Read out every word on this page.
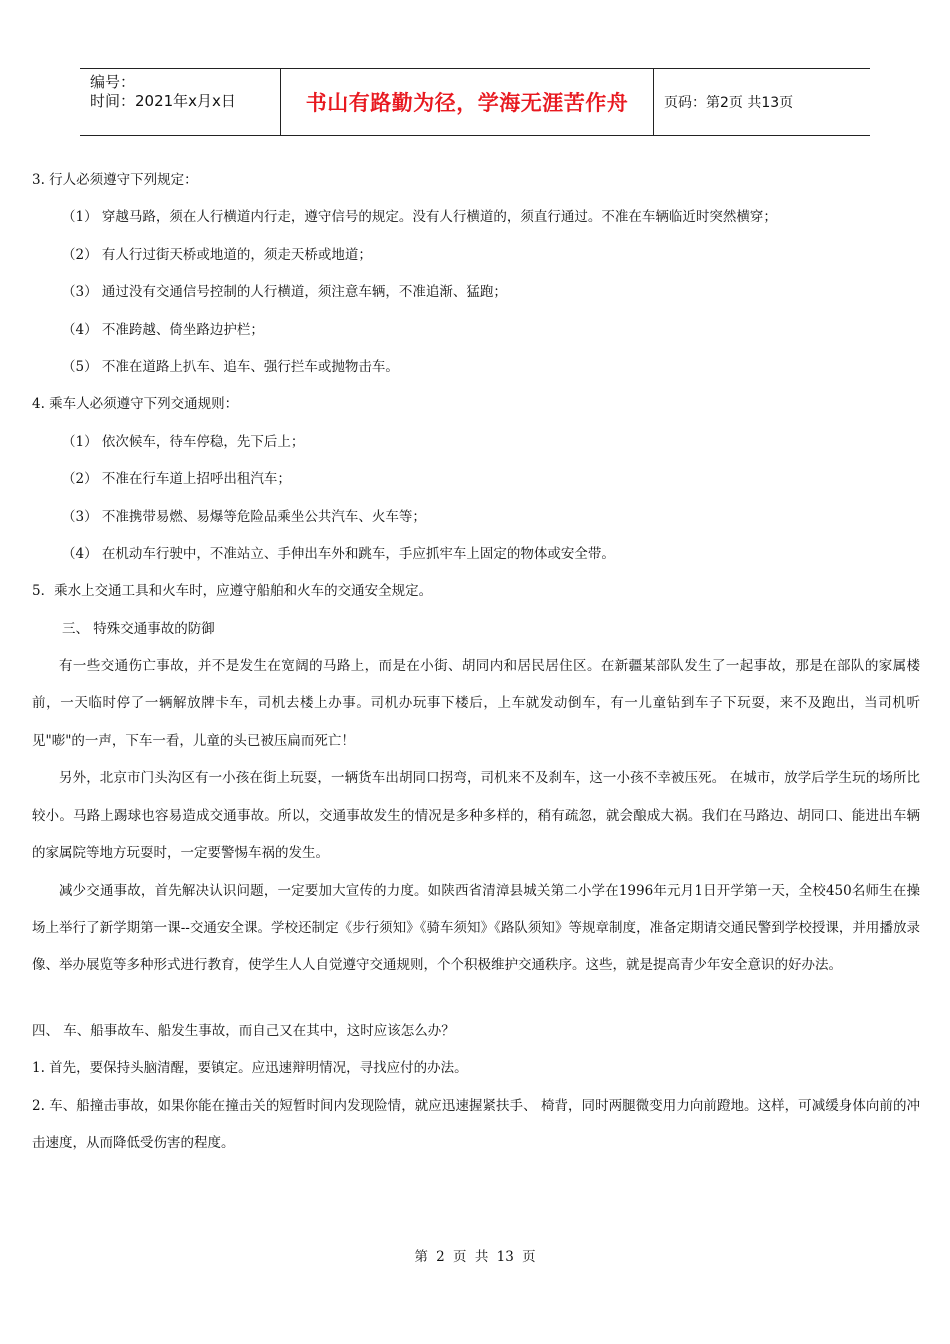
编号：
时间：2021年x月x日	书山有路勤为径，学海无涯苦作舟	页码：第2页 共13页
3. 行人必须遵守下列规定：
（1） 穿越马路，须在人行横道内行走，遵守信号的规定。没有人行横道的，须直行通过。不准在车辆临近时突然横穿；
（2） 有人行过街天桥或地道的，须走天桥或地道；
（3） 通过没有交通信号控制的人行横道，须注意车辆，不准追渐、猛跑；
（4） 不准跨越、倚坐路边护栏；
（5） 不准在道路上扒车、追车、强行拦车或抛物击车。
4. 乘车人必须遵守下列交通规则：
（1） 依次候车，待车停稳，先下后上；
（2） 不准在行车道上招呼出租汽车；
（3） 不准携带易燃、易爆等危险品乘坐公共汽车、火车等；
（4） 在机动车行驶中，不准站立、手伸出车外和跳车，手应抓牢车上固定的物体或安全带。
5．乘水上交通工具和火车时，应遵守船舶和火车的交通安全规定。
三、 特殊交通事故的防御
有一些交通伤亡事故，并不是发生在宽阔的马路上，而是在小街、胡同内和居民居住区。在新疆某部队发生了一起事故，那是在部队的家属楼前，一天临时停了一辆解放牌卡车，司机去楼上办事。司机办玩事下楼后，上车就发动倒车，有一儿童钻到车子下玩耍，来不及跑出，当司机听见"嘭"的一声，下车一看，儿童的头已被压扁而死亡！
另外，北京市门头沟区有一小孩在街上玩耍，一辆货车出胡同口拐弯，司机来不及刹车，这一小孩不幸被压死。 在城市，放学后学生玩的场所比较小。马路上踢球也容易造成交通事故。所以，交通事故发生的情况是多种多样的，稍有疏忽，就会酿成大祸。我们在马路边、胡同口、能进出车辆的家属院等地方玩耍时，一定要警惕车祸的发生。
减少交通事故，首先解决认识问题，一定要加大宣传的力度。如陕西省清漳县城关第二小学在1996年元月1日开学第一天，全校450名师生在操场上举行了新学期第一课--交通安全课。学校还制定《步行须知》《骑车须知》《路队须知》等规章制度，准备定期请交通民警到学校授课，并用播放录像、举办展览等多种形式进行教育，使学生人人自觉遵守交通规则，个个积极维护交通秩序。这些，就是提高青少年安全意识的好办法。
四、 车、船事故车、船发生事故，而自己又在其中，这时应该怎么办？
1. 首先，要保持头脑清醒，要镇定。应迅速辩明情况，寻找应付的办法。
2. 车、船撞击事故，如果你能在撞击关的短暂时间内发现险情，就应迅速握紧扶手、 椅背，同时两腿微变用力向前蹬地。这样，可减缓身体向前的冲击速度，从而降低受伤害的程度。
第 2 页 共 13 页
